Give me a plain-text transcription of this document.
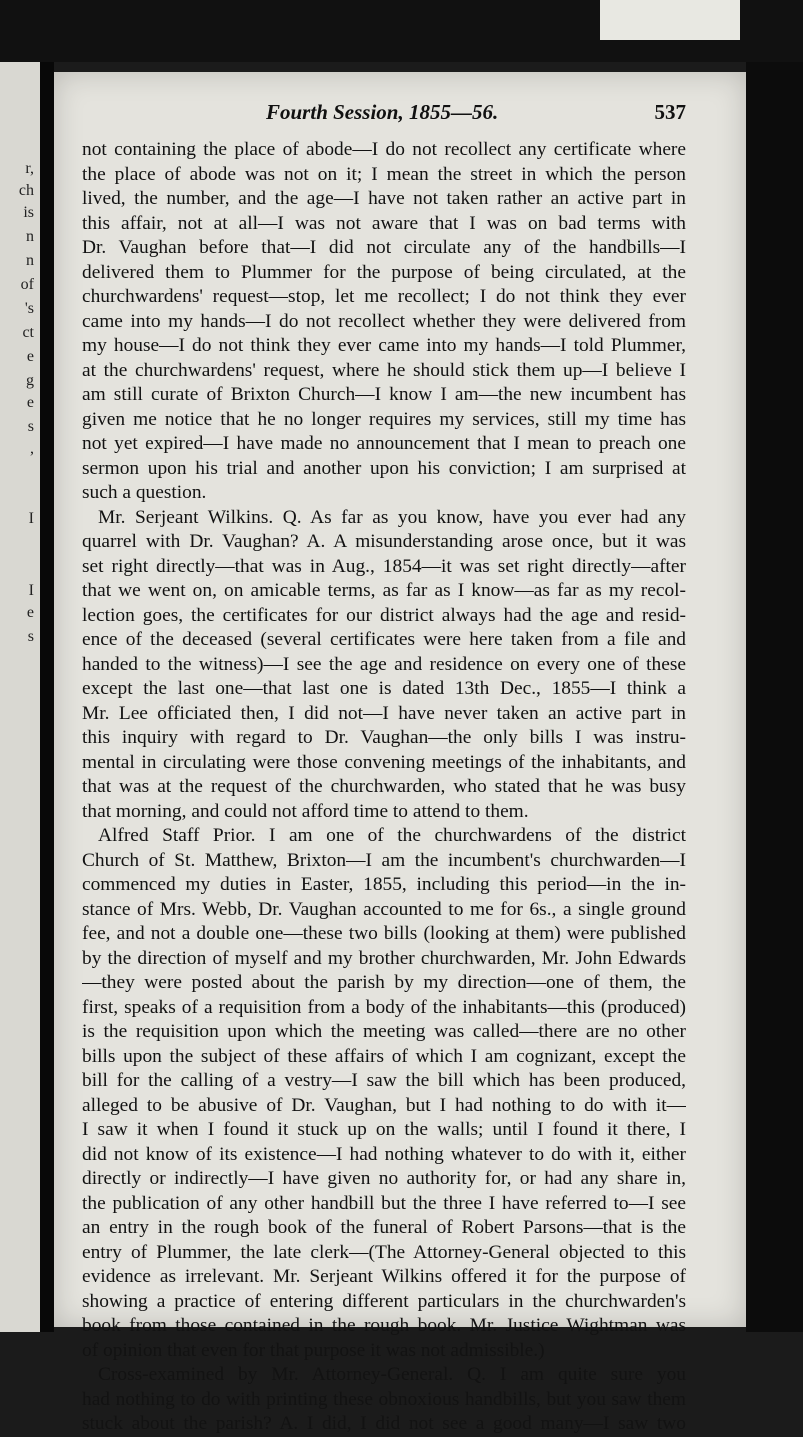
r,
ch
is
n
n
of
's
ct
e
g
e
s
,
I
I
e
s
Fourth Session, 1855—56.	537
not containing the place of abode—I do not recollect any certificate where
the place of abode was not on it; I mean the street in which the person
lived, the number, and the age—I have not taken rather an active part in
this affair, not at all—I was not aware that I was on bad terms with
Dr. Vaughan before that—I did not circulate any of the handbills—I
delivered them to Plummer for the purpose of being circulated, at the
churchwardens' request—stop, let me recollect; I do not think they ever
came into my hands—I do not recollect whether they were delivered from
my house—I do not think they ever came into my hands—I told Plummer,
at the churchwardens' request, where he should stick them up—I believe I
am still curate of Brixton Church—I know I am—the new incumbent has
given me notice that he no longer requires my services, still my time has
not yet expired—I have made no announcement that I mean to preach one
sermon upon his trial and another upon his conviction; I am surprised at
such a question.
Mr. Serjeant Wilkins. Q. As far as you know, have you ever had any
quarrel with Dr. Vaughan? A. A misunderstanding arose once, but it was
set right directly—that was in Aug., 1854—it was set right directly—after
that we went on, on amicable terms, as far as I know—as far as my recol-
lection goes, the certificates for our district always had the age and resid-
ence of the deceased (several certificates were here taken from a file and
handed to the witness)—I see the age and residence on every one of these
except the last one—that last one is dated 13th Dec., 1855—I think a
Mr. Lee officiated then, I did not—I have never taken an active part in
this inquiry with regard to Dr. Vaughan—the only bills I was instru-
mental in circulating were those convening meetings of the inhabitants, and
that was at the request of the churchwarden, who stated that he was busy
that morning, and could not afford time to attend to them.
Alfred Staff Prior. I am one of the churchwardens of the district
Church of St. Matthew, Brixton—I am the incumbent's churchwarden—I
commenced my duties in Easter, 1855, including this period—in the in-
stance of Mrs. Webb, Dr. Vaughan accounted to me for 6s., a single ground
fee, and not a double one—these two bills (looking at them) were published
by the direction of myself and my brother churchwarden, Mr. John Edwards
—they were posted about the parish by my direction—one of them, the
first, speaks of a requisition from a body of the inhabitants—this (produced)
is the requisition upon which the meeting was called—there are no other
bills upon the subject of these affairs of which I am cognizant, except the
bill for the calling of a vestry—I saw the bill which has been produced,
alleged to be abusive of Dr. Vaughan, but I had nothing to do with it—
I saw it when I found it stuck up on the walls; until I found it there, I
did not know of its existence—I had nothing whatever to do with it, either
directly or indirectly—I have given no authority for, or had any share in,
the publication of any other handbill but the three I have referred to—I see
an entry in the rough book of the funeral of Robert Parsons—that is the
entry of Plummer, the late clerk—(The Attorney-General objected to this
evidence as irrelevant. Mr. Serjeant Wilkins offered it for the purpose of
showing a practice of entering different particulars in the churchwarden's
book from those contained in the rough book. Mr. Justice Wightman was
of opinion that even for that purpose it was not admissible.)
Cross-examined by Mr. Attorney-General. Q. I am quite sure you
had nothing to do with printing these obnoxious handbills, but you saw them
stuck about the parish? A. I did, I did not see a good many—I saw two
